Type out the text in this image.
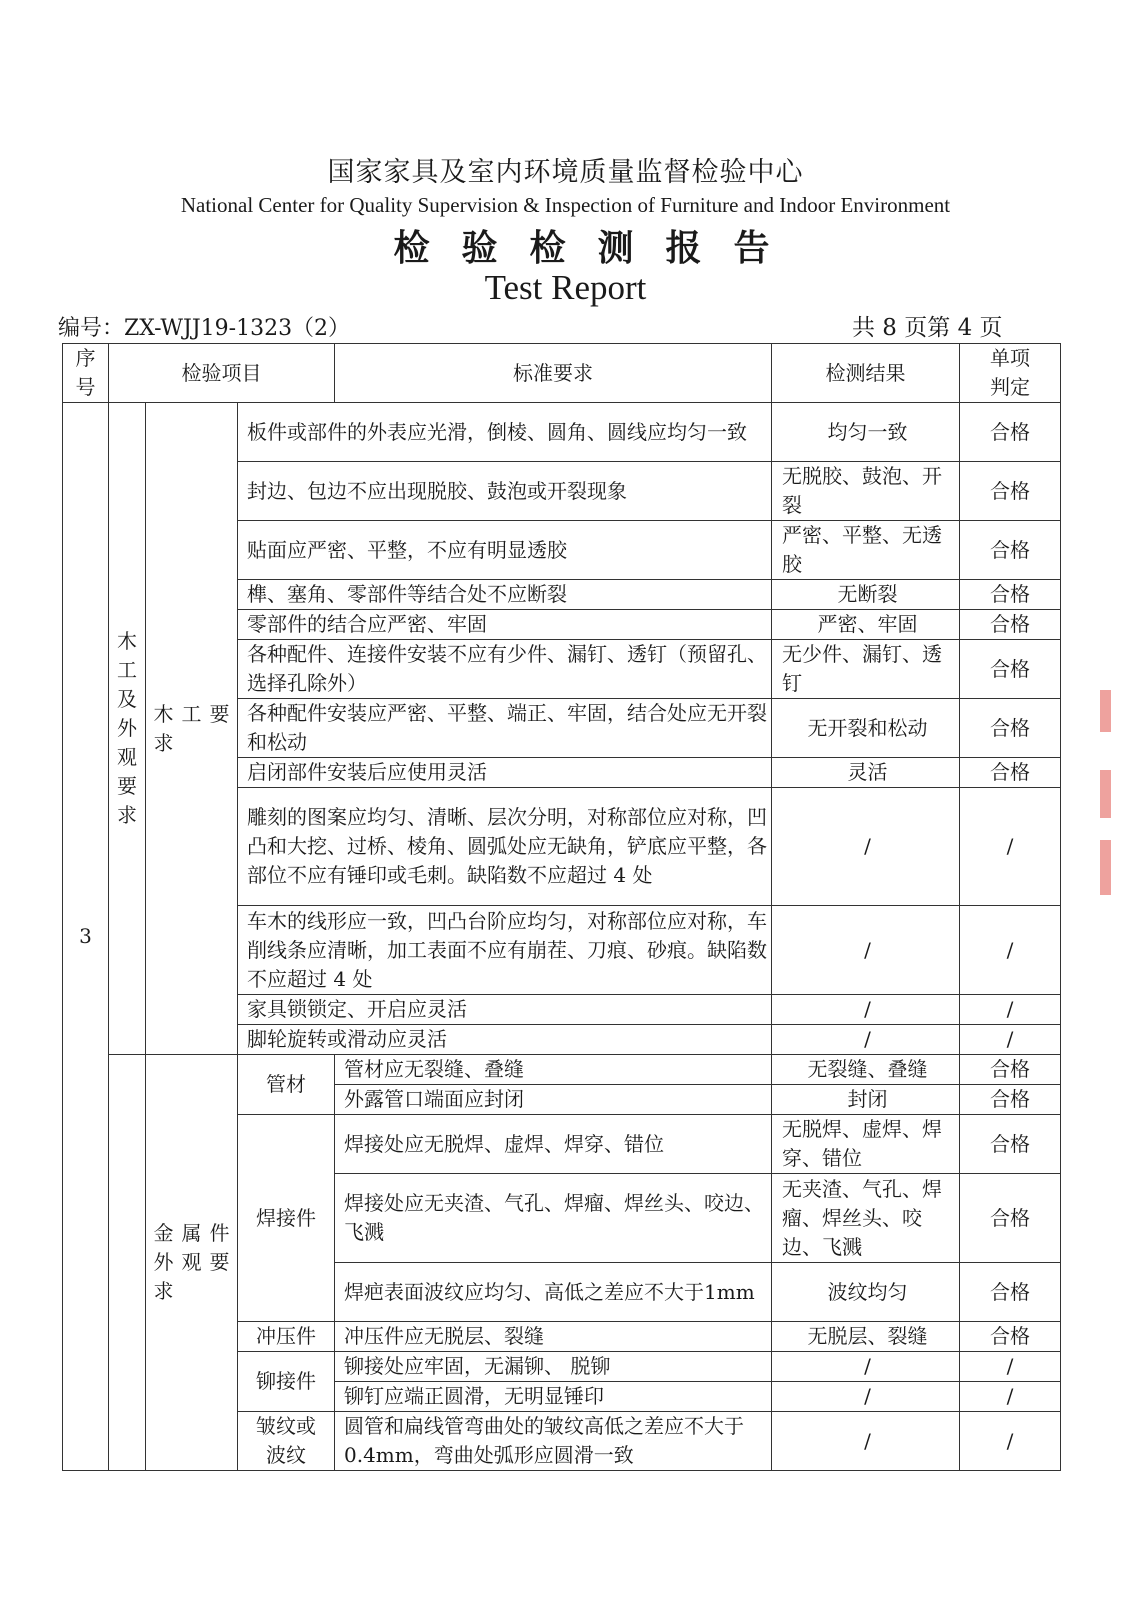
国家家具及室内环境质量监督检验中心
National Center for Quality Supervision & Inspection of Furniture and Indoor Environment
检验检测报告
Test Report
编号：ZX-WJJ19-1323（2）	共 8 页第 4 页
序号	检验项目			标准要求	检测结果	单项判定

3	木工及外观要求	木工要求	板件或部件的外表应光滑，倒棱、圆角、圆线应均匀一致		均匀一致	合格
			封边、包边不应出现脱胶、鼓泡或开裂现象		无脱胶、鼓泡、开裂	合格
			贴面应严密、平整，不应有明显透胶		严密、平整、无透胶	合格
			榫、塞角、零部件等结合处不应断裂		无断裂	合格
			零部件的结合应严密、牢固		严密、牢固	合格
			各种配件、连接件安装不应有少件、漏钉、透钉（预留孔、选择孔除外）		无少件、漏钉、透钉	合格
			各种配件安装应严密、平整、端正、牢固，结合处应无开裂和松动		无开裂和松动	合格
			启闭部件安装后应使用灵活		灵活	合格
			雕刻的图案应均匀、清晰、层次分明，对称部位应对称，凹凸和大挖、过桥、棱角、圆弧处应无缺角，铲底应平整，各部位不应有锤印或毛刺。缺陷数不应超过 4 处		/	/
			车木的线形应一致，凹凸台阶应均匀，对称部位应对称，车削线条应清晰，加工表面不应有崩茬、刀痕、砂痕。缺陷数不应超过 4 处		/	/
			家具锁锁定、开启应灵活		/	/
			脚轮旋转或滑动应灵活		/	/
		金属件外观要求	管材	管材应无裂缝、叠缝	无裂缝、叠缝	合格
				外露管口端面应封闭	封闭	合格
			焊接件	焊接处应无脱焊、虚焊、焊穿、错位	无脱焊、虚焊、焊穿、错位	合格
				焊接处应无夹渣、气孔、焊瘤、焊丝头、咬边、飞溅	无夹渣、气孔、焊瘤、焊丝头、咬边、飞溅	合格
				焊疤表面波纹应均匀、高低之差应不大于1mm	波纹均匀	合格
			冲压件	冲压件应无脱层、裂缝	无脱层、裂缝	合格
			铆接件	铆接处应牢固，无漏铆、 脱铆	/	/
				铆钉应端正圆滑，无明显锤印	/	/
			皱纹或波纹	圆管和扁线管弯曲处的皱纹高低之差应不大于 0.4mm，弯曲处弧形应圆滑一致	/	/
